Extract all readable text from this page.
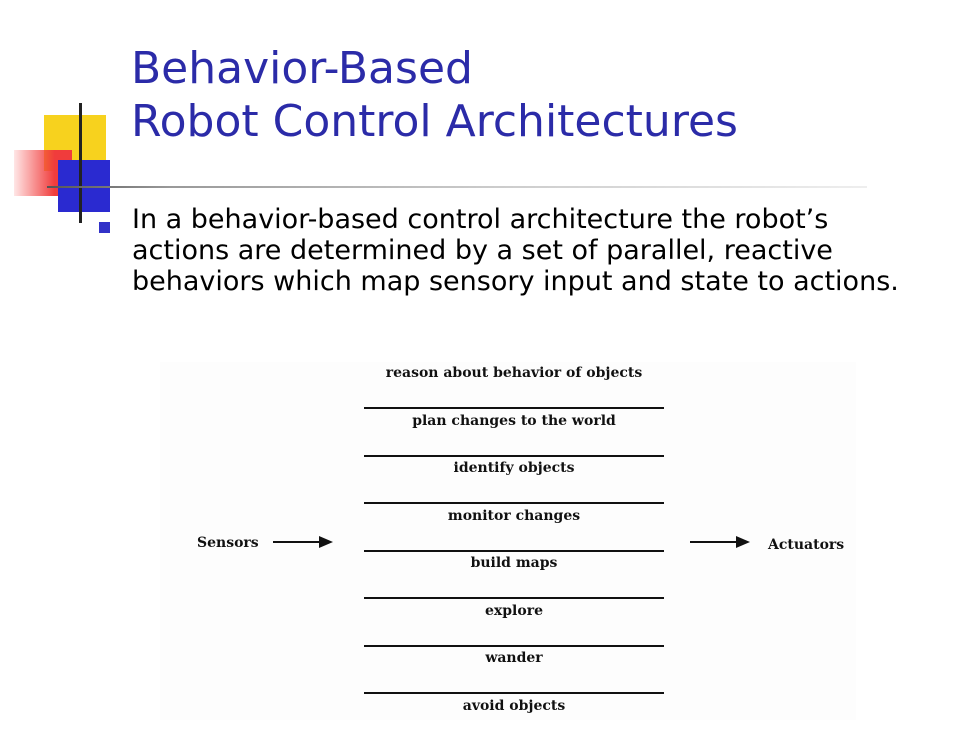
Behavior-Based
Robot Control Architectures

In a behavior-based control architecture the robot’s actions are determined by a set of parallel, reactive behaviors which map sensory input and state to actions.

Sensors
reason about behavior of objects
plan changes to the world
identify objects
monitor changes
build maps
explore
wander
avoid objects
Actuators
